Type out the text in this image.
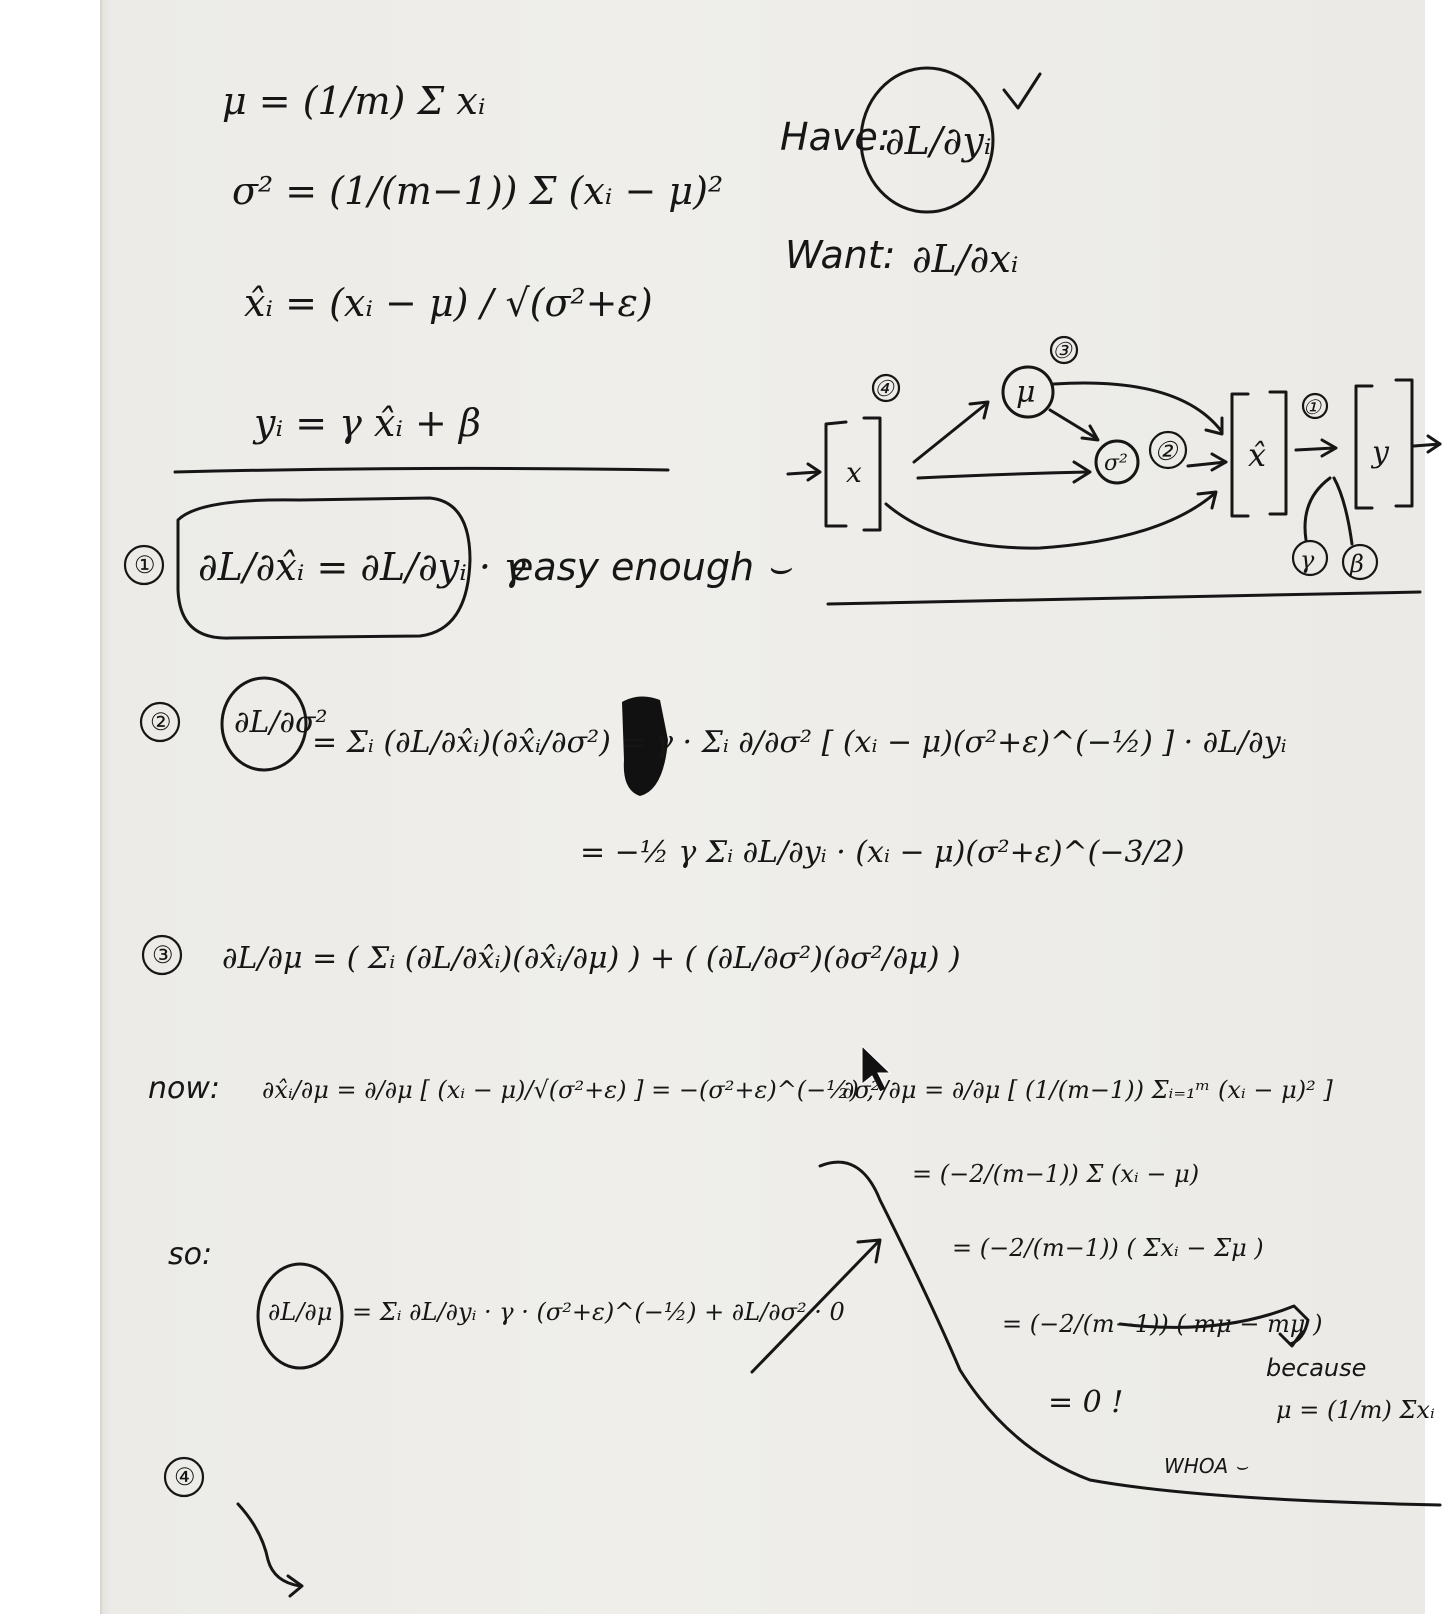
x
μ
σ²	x̂	y
γ β
④
③
②
①
μ = (1/m) Σ xᵢ
σ² = (1/(m−1)) Σ (xᵢ − μ)²
x̂ᵢ = (xᵢ − μ) / √(σ²+ε)
yᵢ = γ x̂ᵢ + β
Have:
∂L/∂yᵢ
Want: ∂L/∂xᵢ
① ∂L/∂x̂ᵢ = ∂L/∂yᵢ · γ
easy enough ⌣
② ∂L/∂σ²
= Σᵢ (∂L/∂x̂ᵢ)(∂x̂ᵢ/∂σ²) = γ · Σᵢ ∂/∂σ² [ (xᵢ − μ)(σ²+ε)^(−½) ] · ∂L/∂yᵢ
= −½ γ Σᵢ ∂L/∂yᵢ · (xᵢ − μ)(σ²+ε)^(−3/2)
③ ∂L/∂μ = ( Σᵢ (∂L/∂x̂ᵢ)(∂x̂ᵢ/∂μ) ) + ( (∂L/∂σ²)(∂σ²/∂μ) )
now: ∂x̂ᵢ/∂μ = ∂/∂μ [ (xᵢ − μ)/√(σ²+ε) ] = −(σ²+ε)^(−½) ,
∂σ²/∂μ = ∂/∂μ [ (1/(m−1)) Σᵢ₌₁ᵐ (xᵢ − μ)² ]
= (−2/(m−1)) Σ (xᵢ − μ)
= (−2/(m−1)) ( Σxᵢ − Σμ )
= (−2/(m−1)) ( mμ − mμ )
= 0 !
because
μ = (1/m) Σxᵢ
WHOA ⌣
so:
∂L/∂μ = Σᵢ ∂L/∂yᵢ · γ · (σ²+ε)^(−½) + ∂L/∂σ² · 0
④
